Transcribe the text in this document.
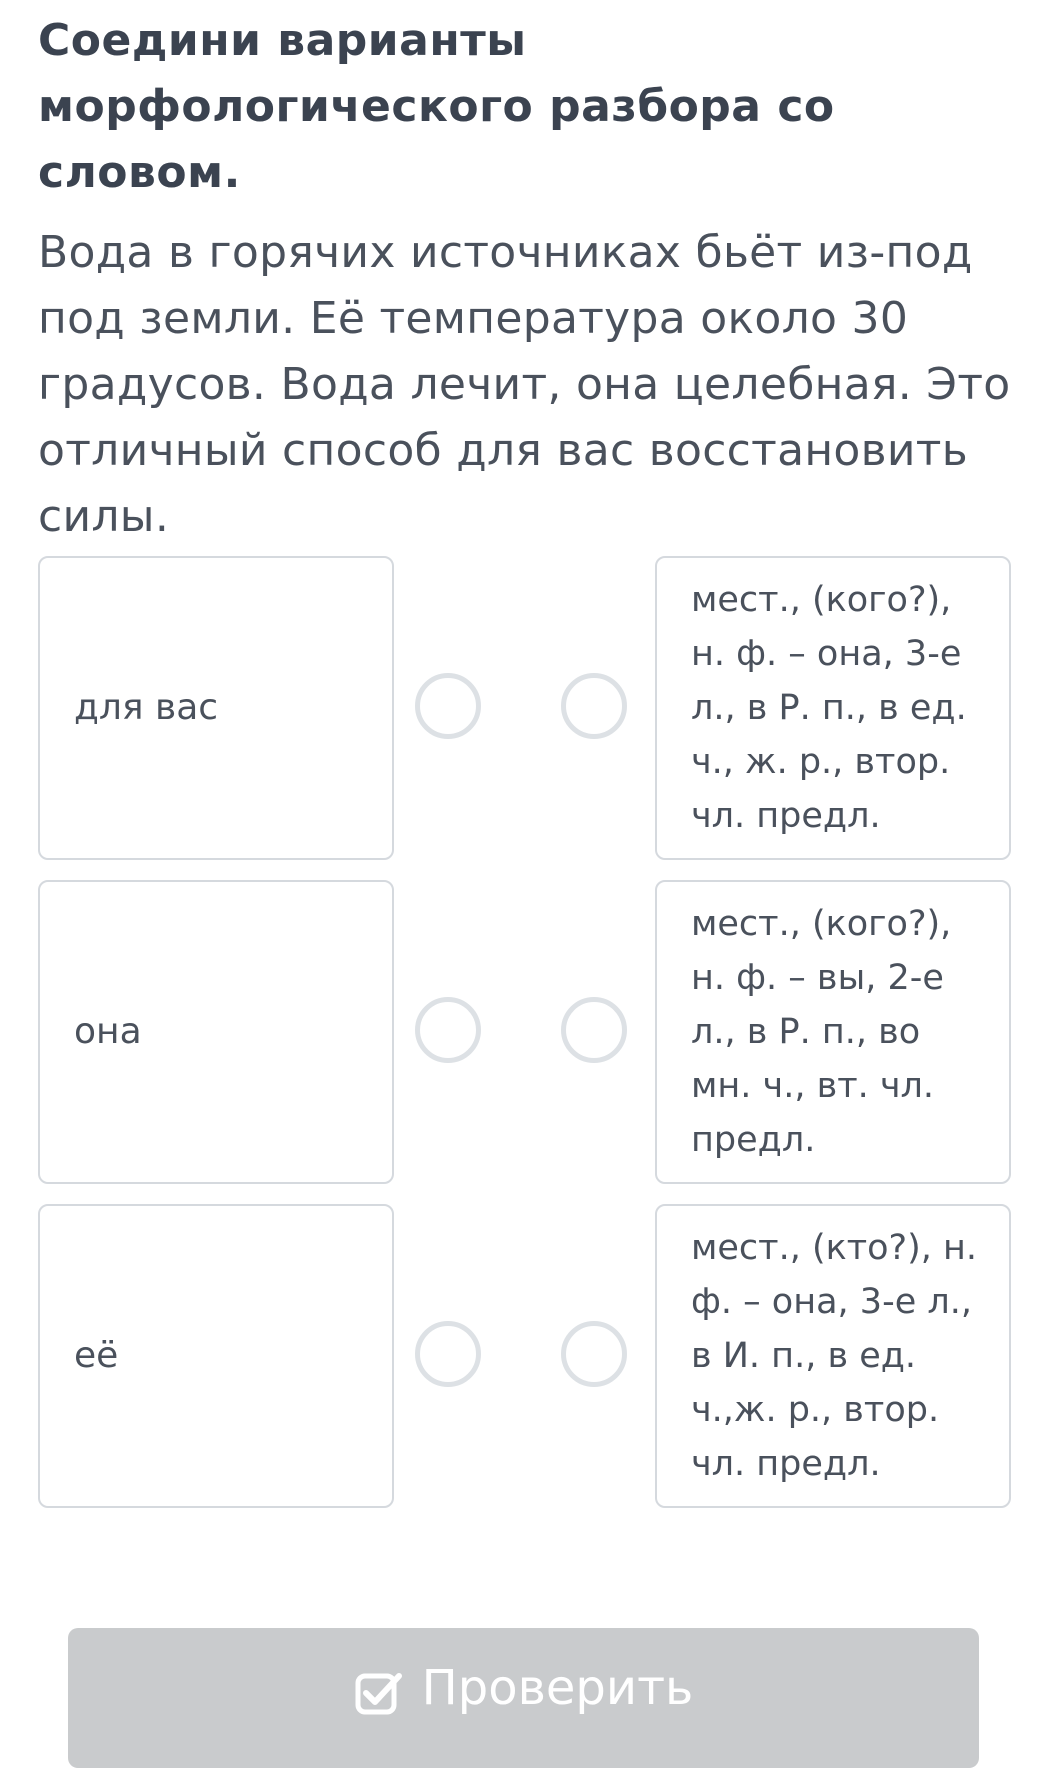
Соедини варианты морфологического разбора со словом.

Вода в горячих источниках бьёт из-под под земли. Её температура около 30 градусов. Вода лечит, она целебная. Это отличный способ для вас восстановить силы.

для вас
мест., (кого?), н. ф. – она, 3-е л., в Р. п., в ед. ч., ж. р., втор. чл. предл.
она
мест., (кого?), н. ф. – вы, 2-е л., в Р. п., во мн. ч., вт. чл. предл.
её
мест., (кто?), н. ф. – она, 3-е л., в И. п., в ед. ч.,ж. р., втор. чл. предл.
Проверить
